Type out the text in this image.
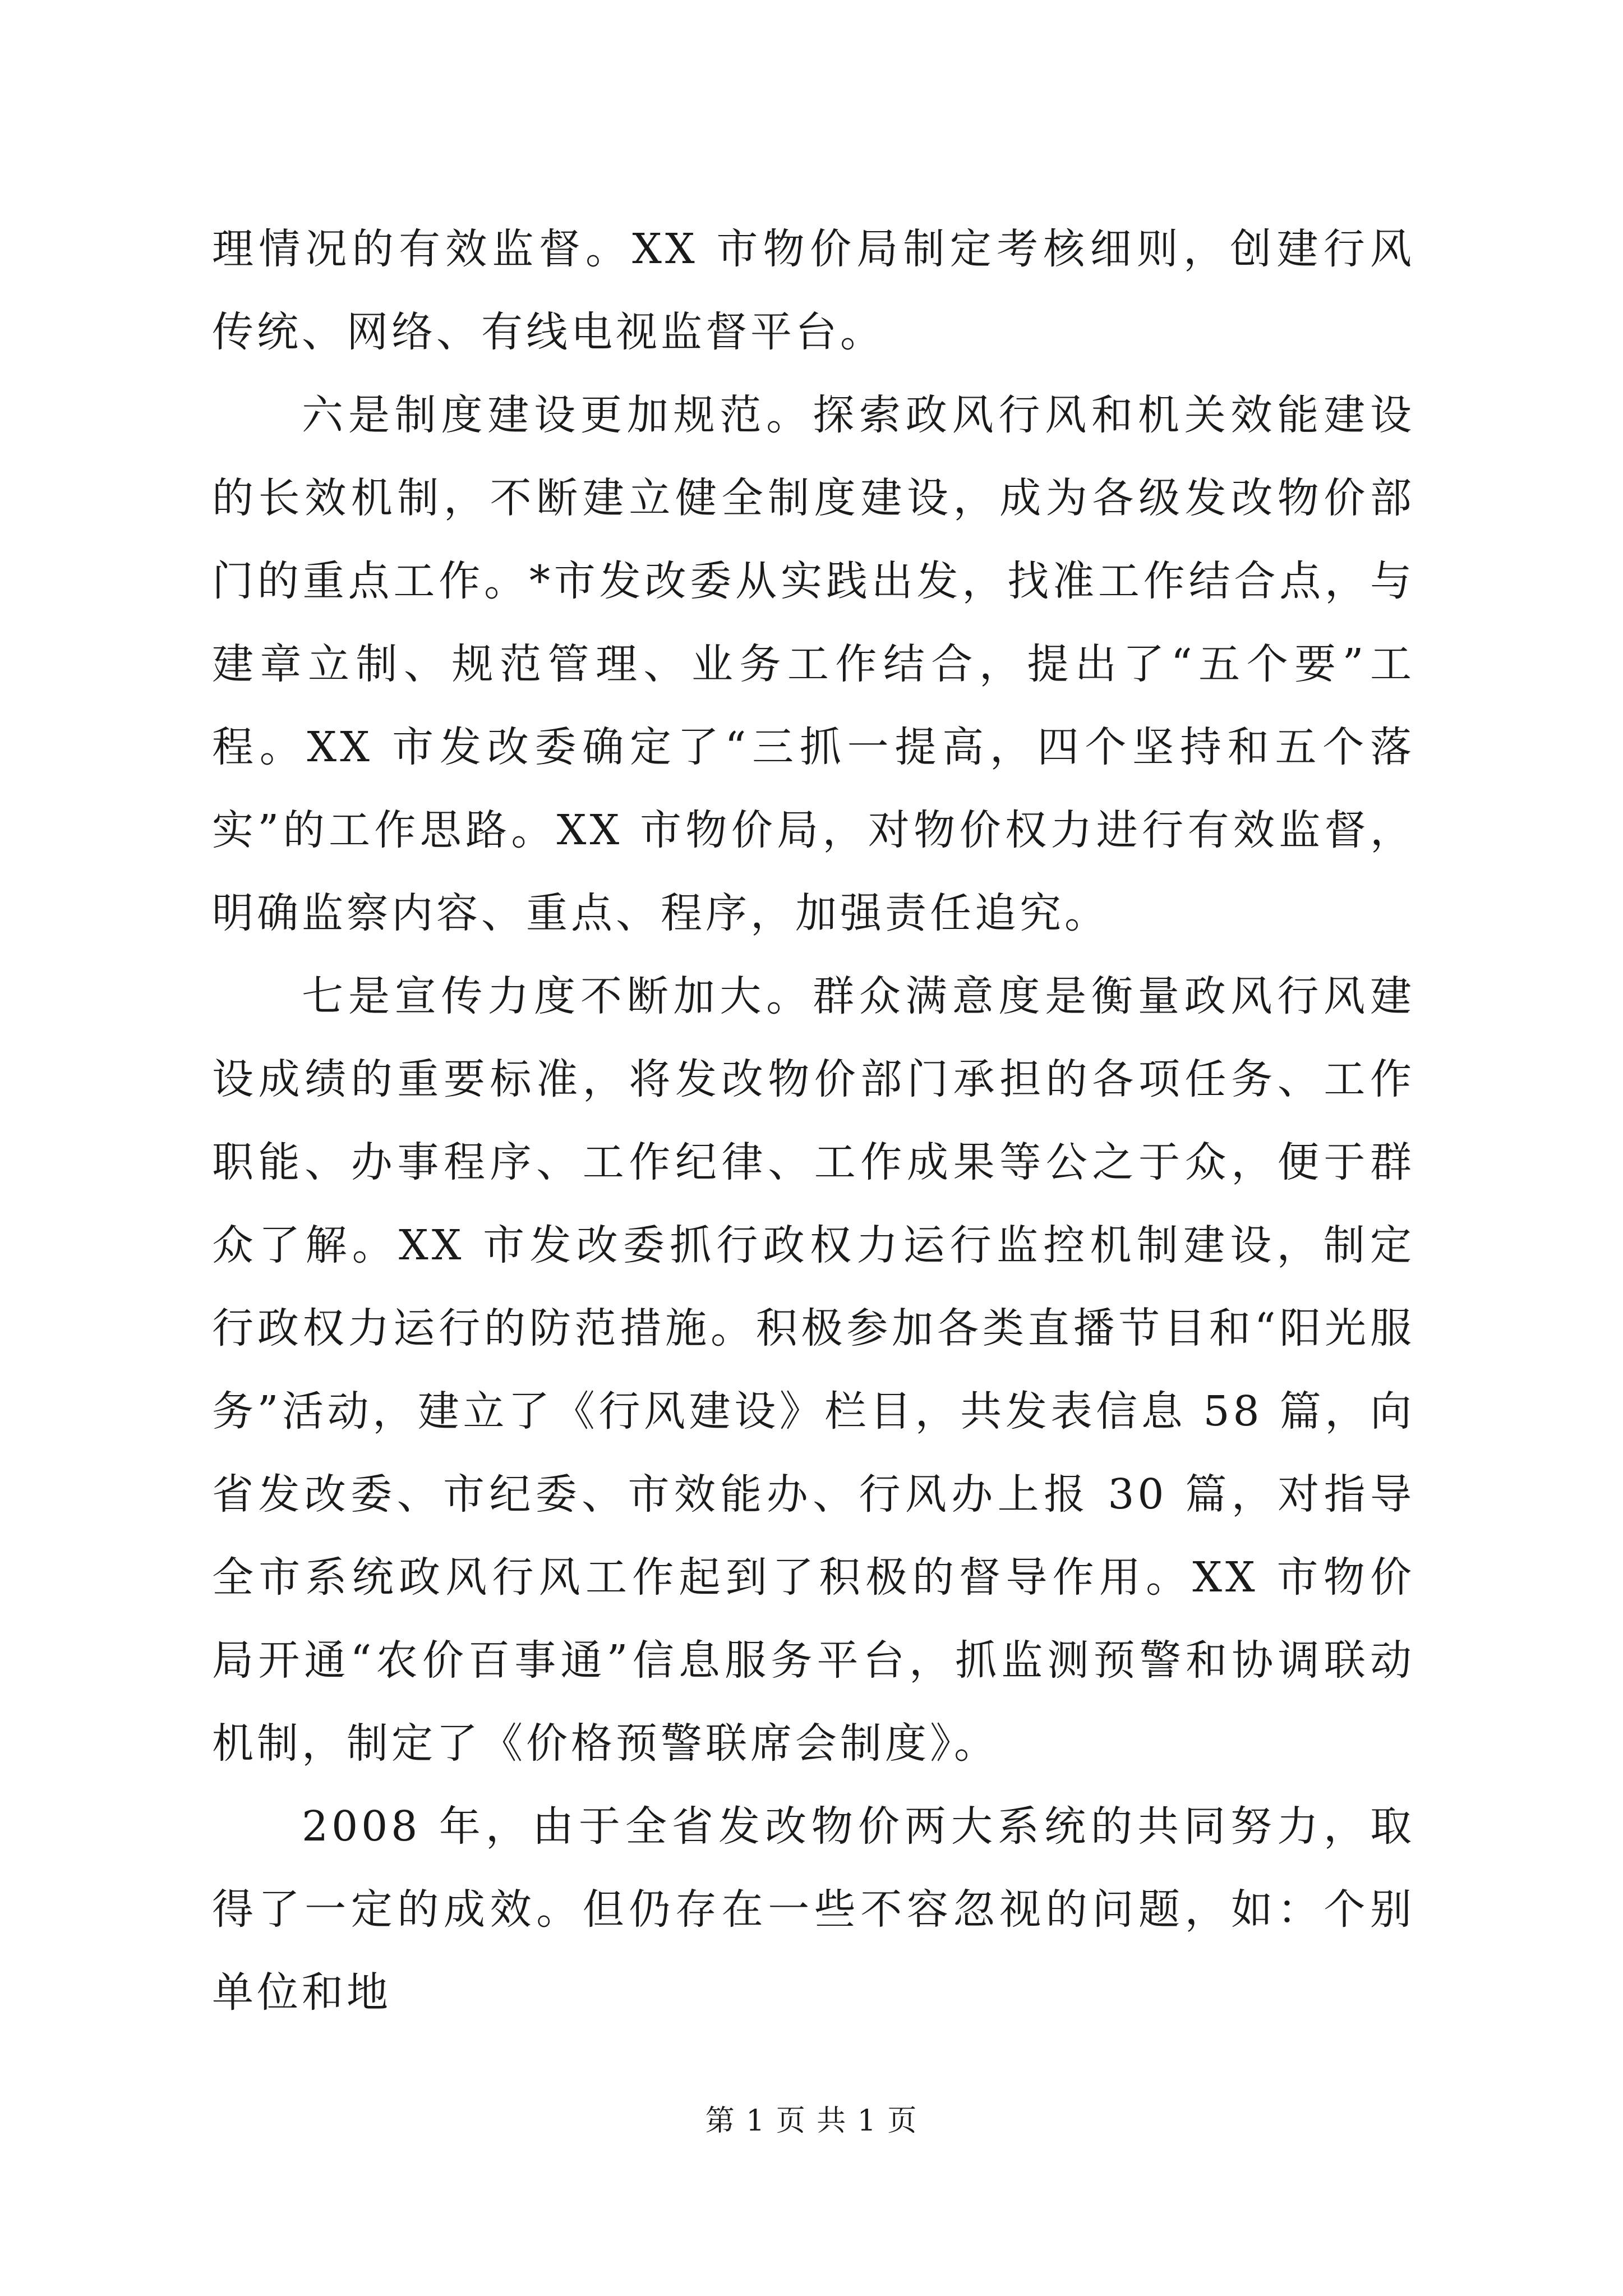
理情况的有效监督。XX 市物价局制定考核细则，创建行风传统、网络、有线电视监督平台。

六是制度建设更加规范。探索政风行风和机关效能建设的长效机制，不断建立健全制度建设，成为各级发改物价部门的重点工作。*市发改委从实践出发，找准工作结合点，与建章立制、规范管理、业务工作结合，提出了“五个要”工程。XX 市发改委确定了“三抓一提高，四个坚持和五个落实”的工作思路。XX 市物价局，对物价权力进行有效监督，明确监察内容、重点、程序，加强责任追究。

七是宣传力度不断加大。群众满意度是衡量政风行风建设成绩的重要标准，将发改物价部门承担的各项任务、工作职能、办事程序、工作纪律、工作成果等公之于众，便于群众了解。XX 市发改委抓行政权力运行监控机制建设，制定行政权力运行的防范措施。积极参加各类直播节目和“阳光服务”活动，建立了《行风建设》栏目，共发表信息 58 篇，向省发改委、市纪委、市效能办、行风办上报 30 篇，对指导全市系统政风行风工作起到了积极的督导作用。XX 市物价局开通“农价百事通”信息服务平台，抓监测预警和协调联动机制，制定了《价格预警联席会制度》。

2008 年，由于全省发改物价两大系统的共同努力，取得了一定的成效。但仍存在一些不容忽视的问题，如：个别单位和地

第 1 页 共 1 页
